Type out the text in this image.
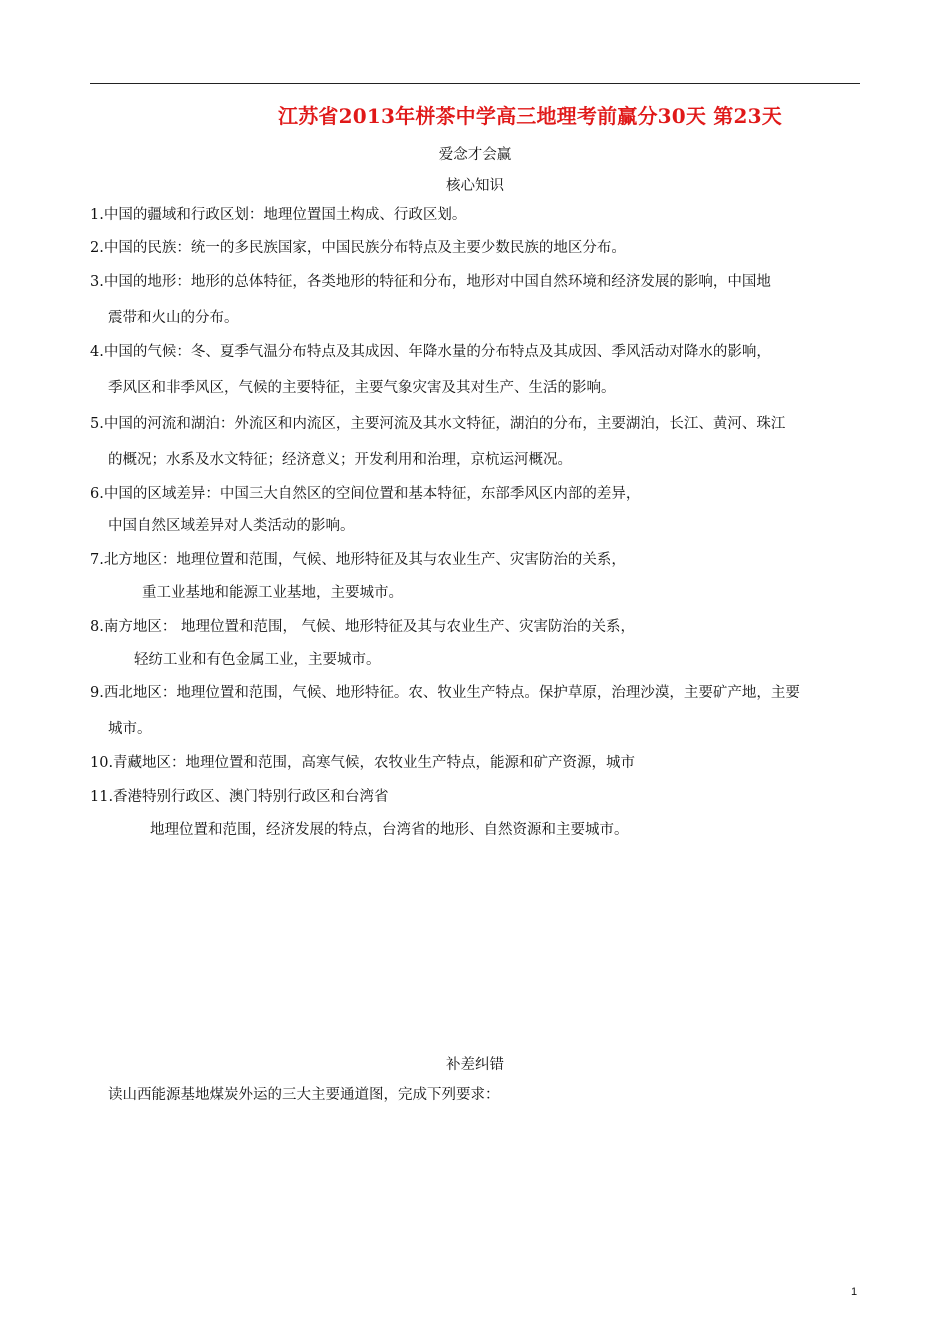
江苏省2013年栟茶中学高三地理考前赢分30天 第23天
爱念才会赢
核心知识
1.中国的疆域和行政区划：地理位置国土构成、行政区划。
2.中国的民族：统一的多民族国家，中国民族分布特点及主要少数民族的地区分布。
3.中国的地形：地形的总体特征，各类地形的特征和分布，地形对中国自然环境和经济发展的影响，中国地
震带和火山的分布。
4.中国的气候：冬、夏季气温分布特点及其成因、年降水量的分布特点及其成因、季风活动对降水的影响，
季风区和非季风区，气候的主要特征，主要气象灾害及其对生产、生活的影响。
5.中国的河流和湖泊：外流区和内流区，主要河流及其水文特征，湖泊的分布，主要湖泊，长江、黄河、珠江
的概况；水系及水文特征；经济意义；开发利用和治理，京杭运河概况。
6.中国的区域差异：中国三大自然区的空间位置和基本特征，东部季风区内部的差异，
中国自然区域差异对人类活动的影响。
7.北方地区：地理位置和范围，气候、地形特征及其与农业生产、灾害防治的关系，
重工业基地和能源工业基地，主要城市。
8.南方地区： 地理位置和范围， 气候、地形特征及其与农业生产、灾害防治的关系，
轻纺工业和有色金属工业，主要城市。
9.西北地区：地理位置和范围，气候、地形特征。农、牧业生产特点。保护草原，治理沙漠，主要矿产地，主要
城市。
10.青藏地区：地理位置和范围，高寒气候，农牧业生产特点，能源和矿产资源，城市
11.香港特别行政区、澳门特别行政区和台湾省
地理位置和范围，经济发展的特点，台湾省的地形、自然资源和主要城市。
补差纠错
读山西能源基地煤炭外运的三大主要通道图，完成下列要求：
1
